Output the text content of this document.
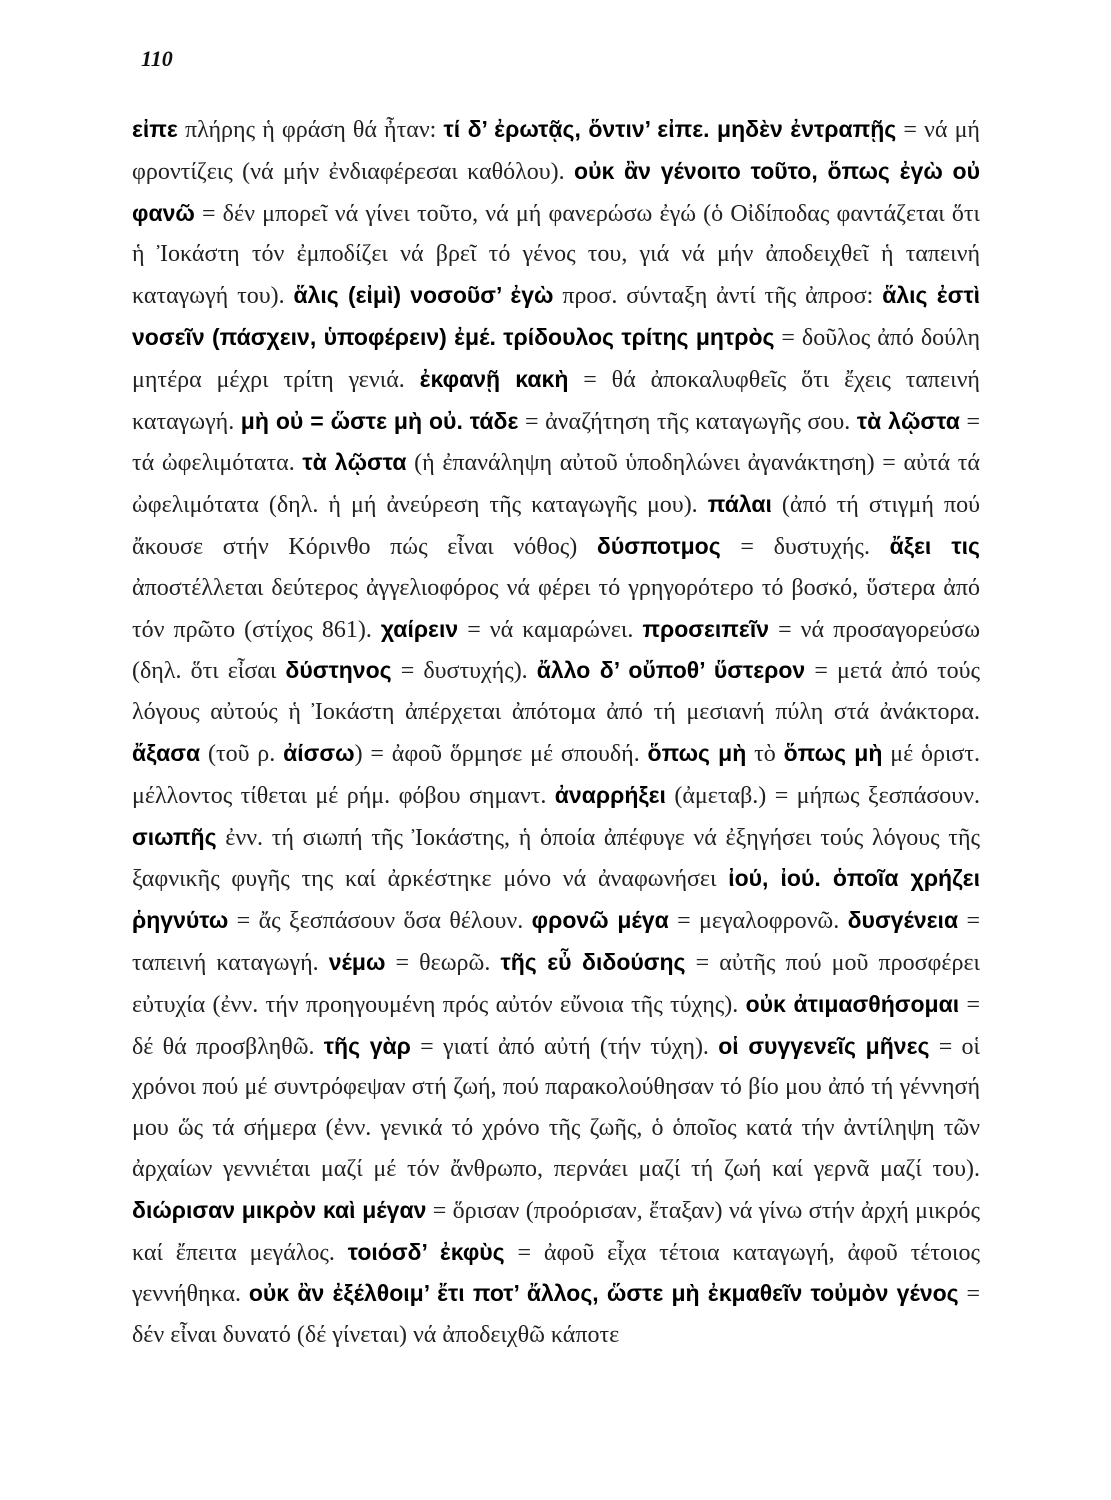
110
εἰπε πλήρης ἡ φράση θά ἦταν: τί δ’ ἐρωτᾷς, ὅντιν’ εἰπε. μηδὲν ἐντραπῇς = νά μή φροντίζεις (νά μήν ἐνδιαφέρεσαι καθόλου). οὐκ ἂν γένοιτο τοῦτο, ὅπως ἐγὼ οὐ φανῶ = δέν μπορεῖ νά γίνει τοῦτο, νά μή φανερώσω ἐγώ (ὁ Οἰδίποδας φαντάζεται ὅτι ἡ Ἰοκάστη τόν ἐμποδίζει νά βρεῖ τό γένος του, γιά νά μήν ἀποδειχθεῖ ἡ ταπεινή καταγωγή του). ἅλις (εἰμὶ) νοσοῦσ’ ἐγὼ προσ. σύνταξη ἀντί τῆς ἀπροσ: ἅλις ἐστὶ νοσεῖν (πάσχειν, ὑποφέρειν) ἐμέ. τρίδουλος τρίτης μητρὸς = δοῦλος ἀπό δούλη μητέρα μέχρι τρίτη γενιά. ἐκφανῇ κακὴ = θά ἀποκαλυφθεῖς ὅτι ἔχεις ταπεινή καταγωγή. μὴ οὐ = ὥστε μὴ οὐ. τάδε = ἀναζήτηση τῆς καταγωγῆς σου. τὰ λῷστα = τά ὠφελιμότατα. τὰ λῷστα (ἡ ἐπανάληψη αὐτοῦ ὑποδηλώνει ἀγανάκτηση) = αὐτά τά ὠφελιμότατα (δηλ. ἡ μή ἀνεύρεση τῆς καταγωγῆς μου). πάλαι (ἀπό τή στιγμή πού ἄκουσε στήν Κόρινθο πώς εἶναι νόθος) δύσποτμος = δυστυχής. ἄξει τις ἀποστέλλεται δεύτερος ἀγγελιοφόρος νά φέρει τό γρηγορότερο τό βοσκό, ὕστερα ἀπό τόν πρῶτο (στίχος 861). χαίρειν = νά καμαρώνει. προσειπεῖν = νά προσαγορεύσω (δηλ. ὅτι εἶσαι δύστηνος = δυστυχής). ἄλλο δ’ οὔποθ’ ὕστερον = μετά ἀπό τούς λόγους αὐτούς ἡ Ἰοκάστη ἀπέρχεται ἀπότομα ἀπό τή μεσιανή πύλη στά ἀνάκτορα. ἄξασα (τοῦ ρ. ἀίσσω) = ἀφοῦ ὅρμησε μέ σπουδή. ὅπως μὴ τὸ ὅπως μὴ μέ ὁριστ. μέλλοντος τίθεται μέ ρήμ. φόβου σημαντ. ἀναρρήξει (ἀμεταβ.) = μήπως ξεσπάσουν. σιωπῆς ἐνν. τή σιωπή τῆς Ἰοκάστης, ἡ ὁποία ἀπέφυγε νά ἐξηγήσει τούς λόγους τῆς ξαφνικῆς φυγῆς της καί ἀρκέστηκε μόνο νά ἀναφωνήσει ἰού, ἰού. ὁποῖα χρήζει ῥηγνύτω = ἄς ξεσπάσουν ὅσα θέλουν. φρονῶ μέγα = μεγαλοφρονῶ. δυσγένεια = ταπεινή καταγωγή. νέμω = θεωρῶ. τῆς εὖ διδούσης = αὐτῆς πού μοῦ προσφέρει εὐτυχία (ἐνν. τήν προηγουμένη πρός αὐτόν εὔνοια τῆς τύχης). οὐκ ἀτιμασθήσομαι = δέ θά προσβληθῶ. τῆς γὰρ = γιατί ἀπό αὐτή (τήν τύχη). οἱ συγγενεῖς μῆνες = οἱ χρόνοι πού μέ συντρόφεψαν στή ζωή, πού παρακολούθησαν τό βίο μου ἀπό τή γέννησή μου ὥς τά σήμερα (ἐνν. γενικά τό χρόνο τῆς ζωῆς, ὁ ὁποῖος κατά τήν ἀντίληψη τῶν ἀρχαίων γεννιέται μαζί μέ τόν ἄνθρωπο, περνάει μαζί τή ζωή καί γερνᾶ μαζί του). διώρισαν μικρὸν καὶ μέγαν = ὅρισαν (προόρισαν, ἔταξαν) νά γίνω στήν ἀρχή μικρός καί ἔπειτα μεγάλος. τοιόσδ’ ἐκφὺς = ἀφοῦ εἶχα τέτοια καταγωγή, ἀφοῦ τέτοιος γεννήθηκα. οὐκ ἂν ἐξέλθοιμ’ ἔτι ποτ’ ἄλλος, ὥστε μὴ ἐκμαθεῖν τοὐμὸν γένος = δέν εἶναι δυνατό (δέ γίνεται) νά ἀποδειχθῶ κάποτε
